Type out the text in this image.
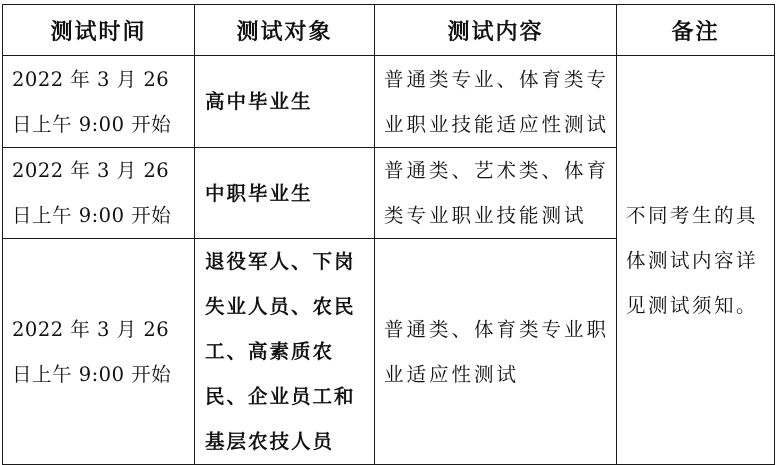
测试时间	测试对象	测试内容	备注
2022 年 3 月 26 日上午 9:00 开始	高中毕业生	普通类专业、体育类专业职业技能适应性测试	不同考生的具体测试内容详见测试须知。
2022 年 3 月 26 日上午 9:00 开始	中职毕业生	普通类、艺术类、体育类专业职业技能测试	
2022 年 3 月 26 日上午 9:00 开始	退役军人、下岗失业人员、农民工、高素质农民、企业员工和基层农技人员	普通类、体育类专业职业适应性测试	
